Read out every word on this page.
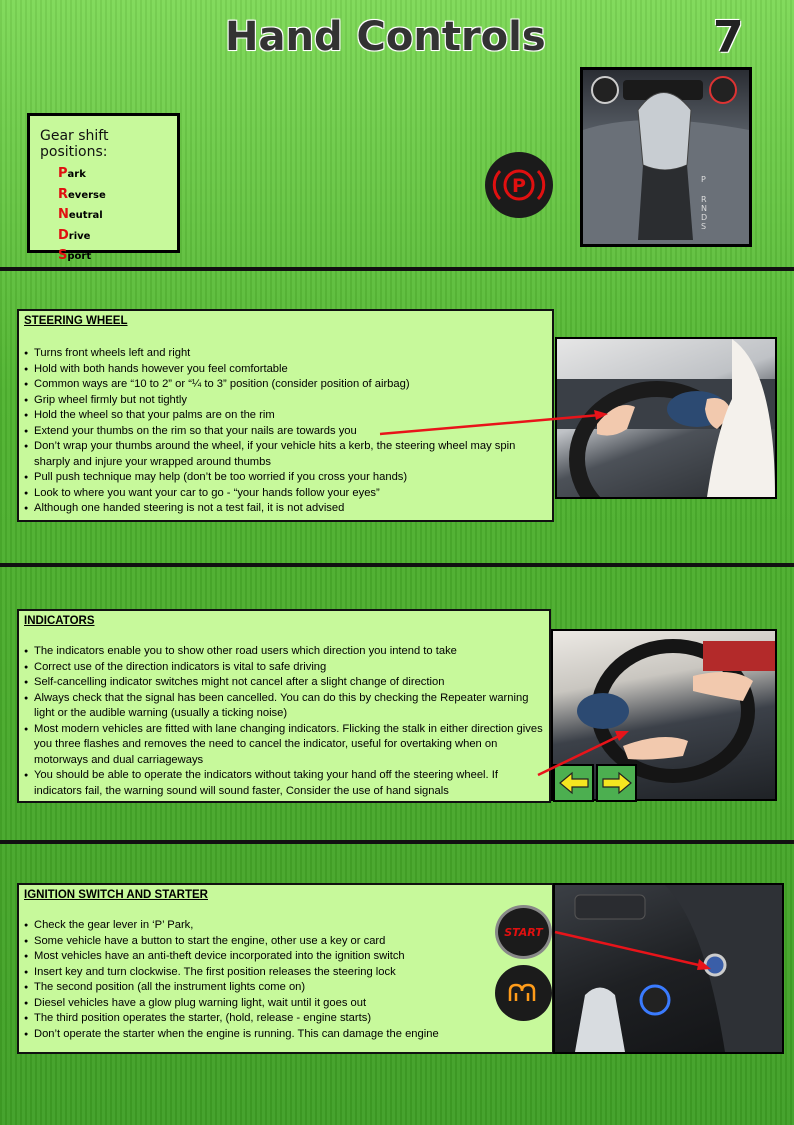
Hand Controls	7
Gear shift positions:
Park
Reverse
Neutral
Drive
Sport
P	P
R
N
D
S
STEERING WHEEL
● Turns front wheels left and right
● Hold with both hands however you feel comfortable
● Common ways are “10 to 2” or “¼ to 3” position (consider position of airbag)
● Grip wheel firmly but not tightly
● Hold the wheel so that your palms are on the rim
● Extend your thumbs on the rim so that your nails are towards you
● Don’t wrap your thumbs around the wheel, if your vehicle hits a kerb, the steering wheel may spin sharply and injure your wrapped around thumbs
● Pull push technique may help (don’t be too worried if you cross your hands)
● Look to where you want your car to go - “your hands follow your eyes”
● Although one handed steering is not a test fail, it is not advised
INDICATORS
● The indicators enable you to show other road users which direction you intend to take
● Correct use of the direction indicators is vital to safe driving
● Self-cancelling indicator switches might not cancel after a slight change of direction
● Always check that the signal has been cancelled. You can do this by checking the Repeater warning light or the audible warning (usually a ticking noise)
● Most modern vehicles are fitted with lane changing indicators. Flicking the stalk in either direction gives you three flashes and removes the need to cancel the indicator, useful for overtaking when on motorways and dual carriageways
● You should be able to operate the indicators without taking your hand off the steering wheel. If indicators fail, the warning sound will sound faster, Consider the use of hand signals
IGNITION SWITCH AND STARTER
● Check the gear lever in ‘P’ Park,
● Some vehicle have a button to start the engine, other use a key or card
● Most vehicles have an anti-theft device incorporated into the ignition switch
● Insert key and turn clockwise. The first position releases the steering lock
● The second position (all the instrument lights come on)
● Diesel vehicles have a glow plug warning light, wait until it goes out
● The third position operates the starter, (hold, release - engine starts)
● Don’t operate the starter when the engine is running. This can damage the engine
START
